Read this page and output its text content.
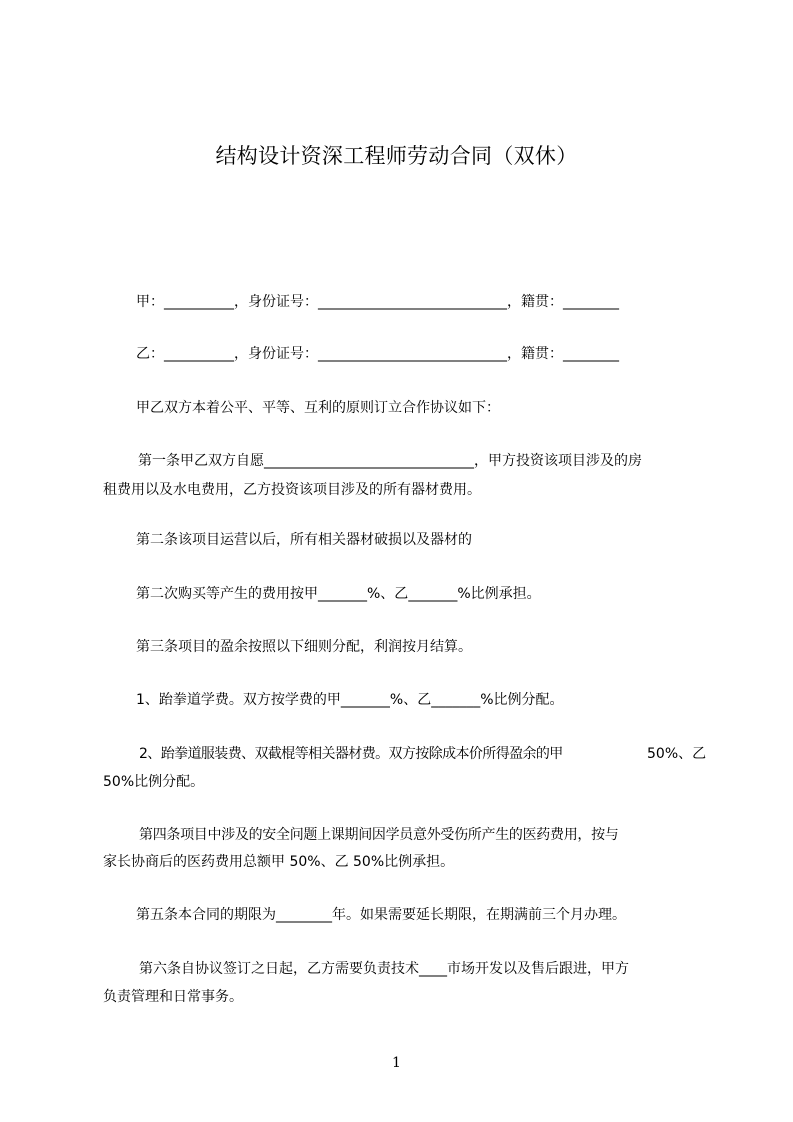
结构设计资深工程师劳动合同（双休）
甲：__________，身份证号：___________________________，籍贯：________
乙：__________，身份证号：___________________________，籍贯：________
甲乙双方本着公平、平等、互利的原则订立合作协议如下：
第一条甲乙双方自愿______________________________，甲方投资该项目涉及的房
租费用以及水电费用，乙方投资该项目涉及的所有器材费用。
第二条该项目运营以后，所有相关器材破损以及器材的
第二次购买等产生的费用按甲_______%、乙_______%比例承担。
第三条项目的盈余按照以下细则分配，利润按月结算。
1、跆拳道学费。双方按学费的甲_______%、乙_______%比例分配。
2、跆拳道服装费、双截棍等相关器材费。双方按除成本价所得盈余的甲	50%、乙
50%比例分配。
第四条项目中涉及的安全问题上课期间因学员意外受伤所产生的医药费用，按与
家长协商后的医药费用总额甲 50%、乙 50%比例承担。
第五条本合同的期限为________年。如果需要延长期限，在期满前三个月办理。
第六条自协议签订之日起，乙方需要负责技术____市场开发以及售后跟进，甲方
负责管理和日常事务。
1
